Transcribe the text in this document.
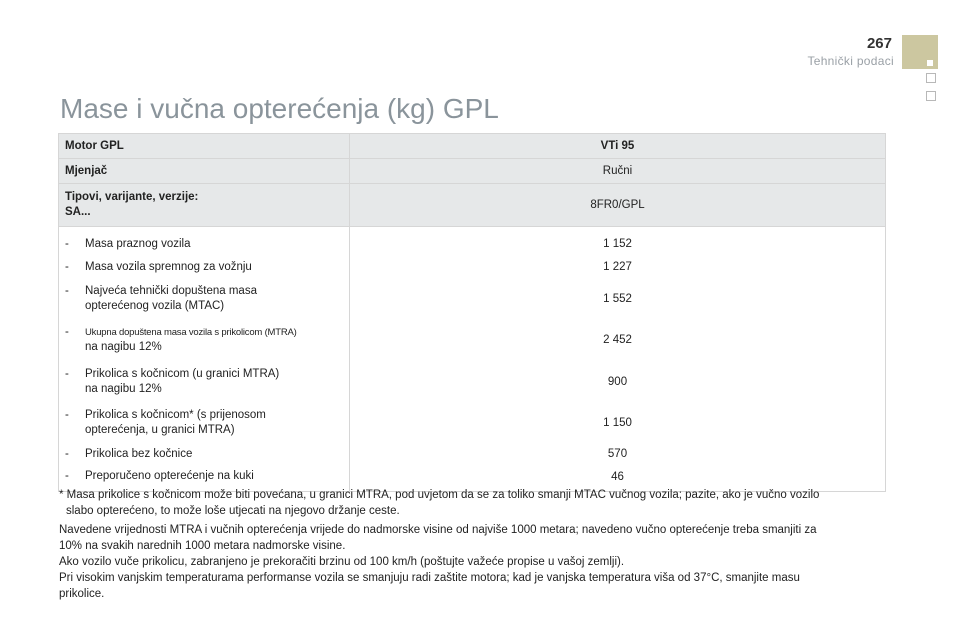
267
Tehnički podaci
Mase i vučna opterećenja (kg) GPL
Motor GPL	VTi 95
Mjenjač	Ručni

Tipovi, varijante, verzije:
SA...	8FR0/GPL

- Masa praznog vozila	1 152

- Masa vozila spremnog za vožnju	1 227

- Najveća tehnički dopuštena masa
opterećenog vozila (MTAC)	1 552

- Ukupna dopuštena masa vozila s prikolicom (MTRA)
na nagibu 12%	2 452

- Prikolica s kočnicom (u granici MTRA)
na nagibu 12%	900

- Prikolica s kočnicom* (s prijenosom
opterećenja, u granici MTRA)	1 150

- Prikolica bez kočnice	570

- Preporučeno opterećenje na kuki	46
* Masa prikolice s kočnicom može biti povećana, u granici MTRA, pod uvjetom da se za toliko smanji MTAC vučnog vozila; pazite, ako je vučno vozilo
slabo opterećeno, to može loše utjecati na njegovo držanje ceste.
Navedene vrijednosti MTRA i vučnih opterećenja vrijede do nadmorske visine od najviše 1000 metara; navedeno vučno opterećenje treba smanjiti za
10% na svakih narednih 1000 metara nadmorske visine.
Ako vozilo vuče prikolicu, zabranjeno je prekoračiti brzinu od 100 km/h (poštujte važeće propise u vašoj zemlji).
Pri visokim vanjskim temperaturama performanse vozila se smanjuju radi zaštite motora; kad je vanjska temperatura viša od 37°C, smanjite masu
prikolice.
